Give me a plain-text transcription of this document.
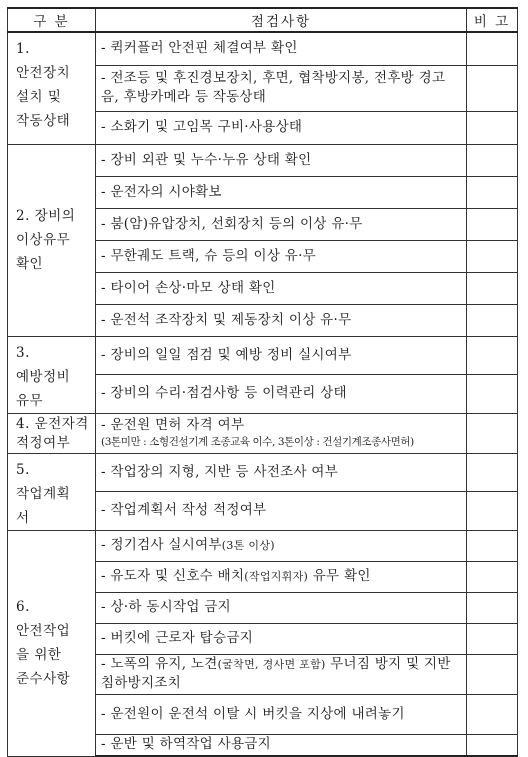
구 분	점검사항	비 고

1.
안전장치
설치 및
작동상태	- 퀵커플러 안전핀 체결여부 확인	

	- 전조등 및 후진경보장치, 후면, 협착방지봉, 전후방 경고음, 후방카메라 등 작동상태	

	- 소화기 및 고임목 구비·사용상태	

2. 장비의
이상유무
확인	- 장비 외관 및 누수·누유 상태 확인	

	- 운전자의 시야확보	

	- 붐(암)유압장치, 선회장치 등의 이상 유·무	

	- 무한궤도 트랙, 슈 등의 이상 유·무	

	- 타이어 손상·마모 상태 확인	

	- 운전석 조작장치 및 제동장치 이상 유·무	

3.
예방정비
유무	- 장비의 일일 점검 및 예방 정비 실시여부	

	- 장비의 수리·점검사항 등 이력관리 상태	

4. 운전자격
적정여부	- 운전원 면허 자격 여부
(3톤미만 : 소형건설기계 조종교육 이수, 3톤이상 : 건설기계조종사면허)	

5.
작업계획
서	- 작업장의 지형, 지반 등 사전조사 여부	

	- 작업계획서 작성 적정여부	

6.
안전작업
을 위한
준수사항	- 정기검사 실시여부(3톤 이상)	

	- 유도자 및 신호수 배치(작업지휘자) 유무 확인	

	- 상·하 동시작업 금지	

	- 버킷에 근로자 탑승금지	

	- 노폭의 유지, 노견(굴착면, 경사면 포함) 무너짐 방지 및 지반 침하방지조치	

	- 운전원이 운전석 이탈 시 버킷을 지상에 내려놓기	

	- 운반 및 하역작업 사용금지	
